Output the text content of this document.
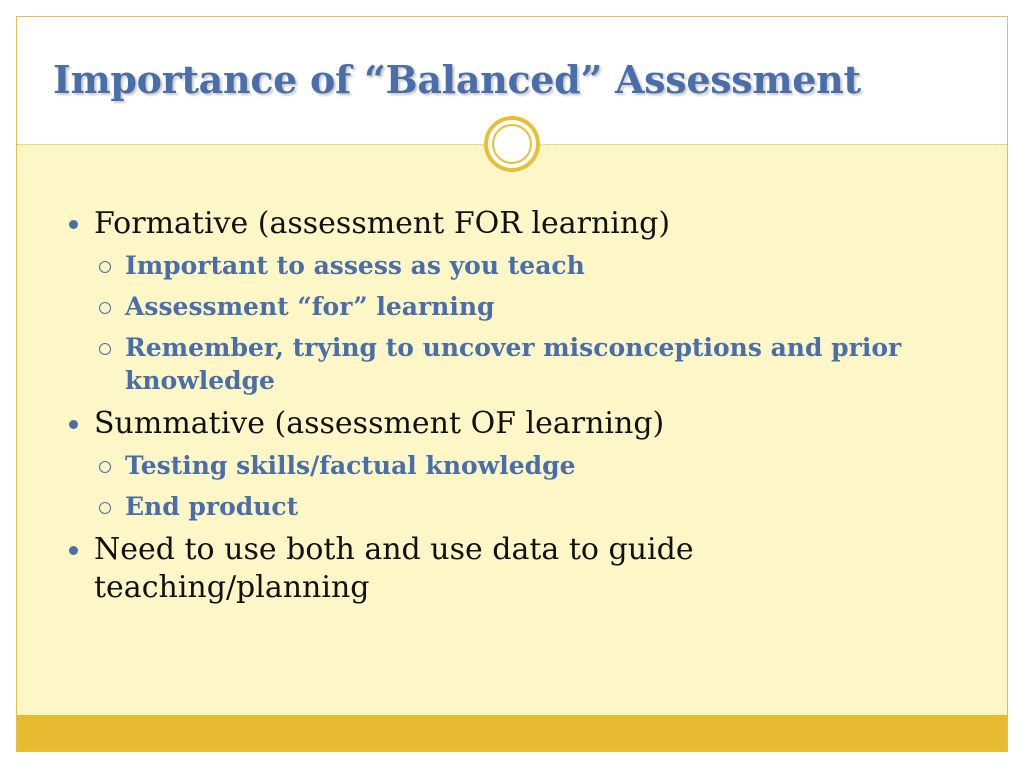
Importance of “Balanced” Assessment
Formative (assessment FOR learning)
Important to assess as you teach
Assessment “for” learning
Remember, trying to uncover misconceptions and prior knowledge
Summative (assessment OF learning)
Testing skills/factual knowledge
End product
Need to use both and use data to guide teaching/planning
